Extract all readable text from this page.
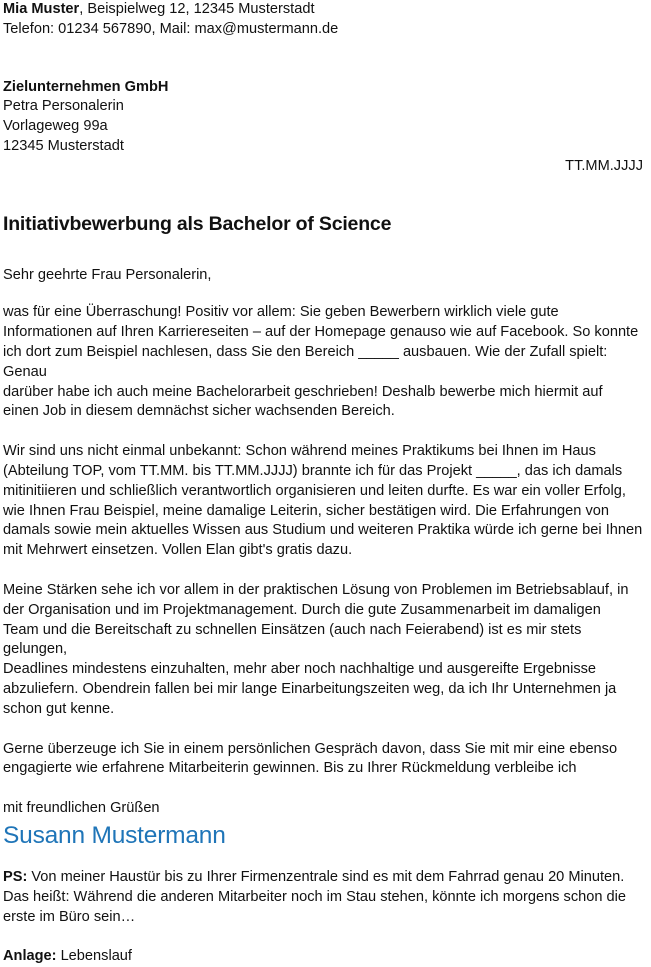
Mia Muster, Beispielweg 12, 12345 Musterstadt
Telefon: 01234 567890, Mail: max@mustermann.de
Zielunternehmen GmbH
Petra Personalerin
Vorlageweg 99a
12345 Musterstadt
TT.MM.JJJJ
Initiativbewerbung als Bachelor of Science
Sehr geehrte Frau Personalerin,
was für eine Überraschung! Positiv vor allem: Sie geben Bewerbern wirklich viele gute
Informationen auf Ihren Karriereseiten – auf der Homepage genauso wie auf Facebook. So konnte
ich dort zum Beispiel nachlesen, dass Sie den Bereich _____ ausbauen. Wie der Zufall spielt: Genau
darüber habe ich auch meine Bachelorarbeit geschrieben! Deshalb bewerbe mich hiermit auf
einen Job in diesem demnächst sicher wachsenden Bereich.
Wir sind uns nicht einmal unbekannt: Schon während meines Praktikums bei Ihnen im Haus
(Abteilung TOP, vom TT.MM. bis TT.MM.JJJJ) brannte ich für das Projekt _____, das ich damals
mitinitiieren und schließlich verantwortlich organisieren und leiten durfte. Es war ein voller Erfolg,
wie Ihnen Frau Beispiel, meine damalige Leiterin, sicher bestätigen wird. Die Erfahrungen von
damals sowie mein aktuelles Wissen aus Studium und weiteren Praktika würde ich gerne bei Ihnen
mit Mehrwert einsetzen. Vollen Elan gibt's gratis dazu.
Meine Stärken sehe ich vor allem in der praktischen Lösung von Problemen im Betriebsablauf, in
der Organisation und im Projektmanagement. Durch die gute Zusammenarbeit im damaligen
Team und die Bereitschaft zu schnellen Einsätzen (auch nach Feierabend) ist es mir stets gelungen,
Deadlines mindestens einzuhalten, mehr aber noch nachhaltige und ausgereifte Ergebnisse
abzuliefern. Obendrein fallen bei mir lange Einarbeitungszeiten weg, da ich Ihr Unternehmen ja
schon gut kenne.
Gerne überzeuge ich Sie in einem persönlichen Gespräch davon, dass Sie mit mir eine ebenso
engagierte wie erfahrene Mitarbeiterin gewinnen. Bis zu Ihrer Rückmeldung verbleibe ich
mit freundlichen Grüßen
Susann Mustermann
PS: Von meiner Haustür bis zu Ihrer Firmenzentrale sind es mit dem Fahrrad genau 20 Minuten.
Das heißt: Während die anderen Mitarbeiter noch im Stau stehen, könnte ich morgens schon die
erste im Büro sein…
Anlage: Lebenslauf
